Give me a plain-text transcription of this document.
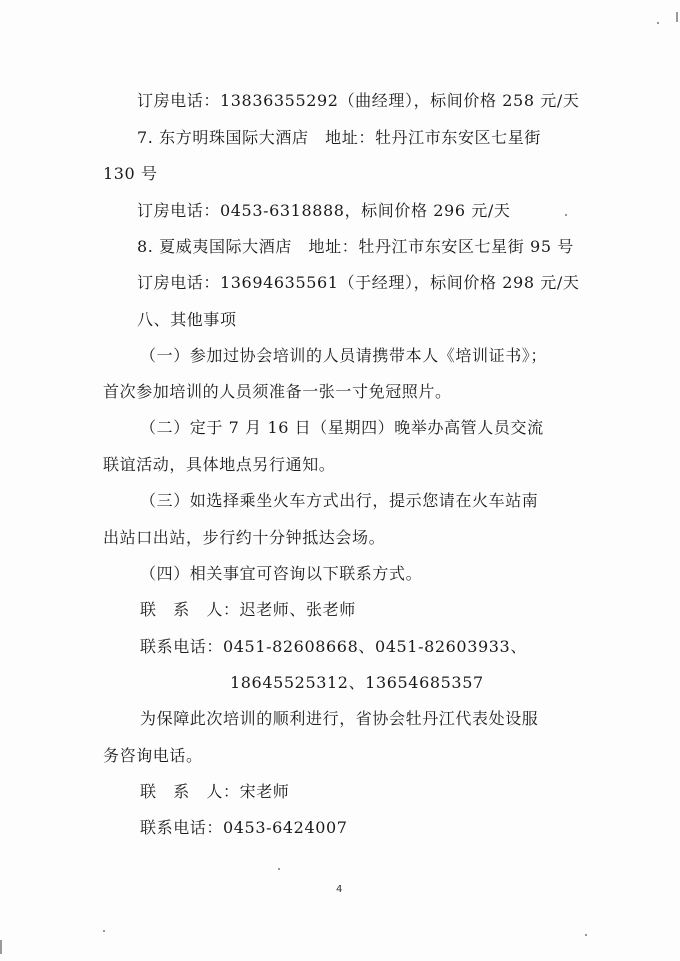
订房电话：13836355292（曲经理），标间价格 258 元/天
7. 东方明珠国际大酒店　地址：牡丹江市东安区七星街
130 号
订房电话：0453-6318888，标间价格 296 元/天
8. 夏威夷国际大酒店　地址：牡丹江市东安区七星街 95 号
订房电话：13694635561（于经理），标间价格 298 元/天
八、其他事项
（一）参加过协会培训的人员请携带本人《培训证书》；
首次参加培训的人员须准备一张一寸免冠照片。
（二）定于 7 月 16 日（星期四）晚举办高管人员交流
联谊活动，具体地点另行通知。
（三）如选择乘坐火车方式出行，提示您请在火车站南
出站口出站，步行约十分钟抵达会场。
（四）相关事宜可咨询以下联系方式。
联　系　人：迟老师、张老师
联系电话：0451-82608668、0451-82603933、
18645525312、13654685357
为保障此次培训的顺利进行，省协会牡丹江代表处设服
务咨询电话。
联　系　人：宋老师
联系电话：0453-6424007
4
